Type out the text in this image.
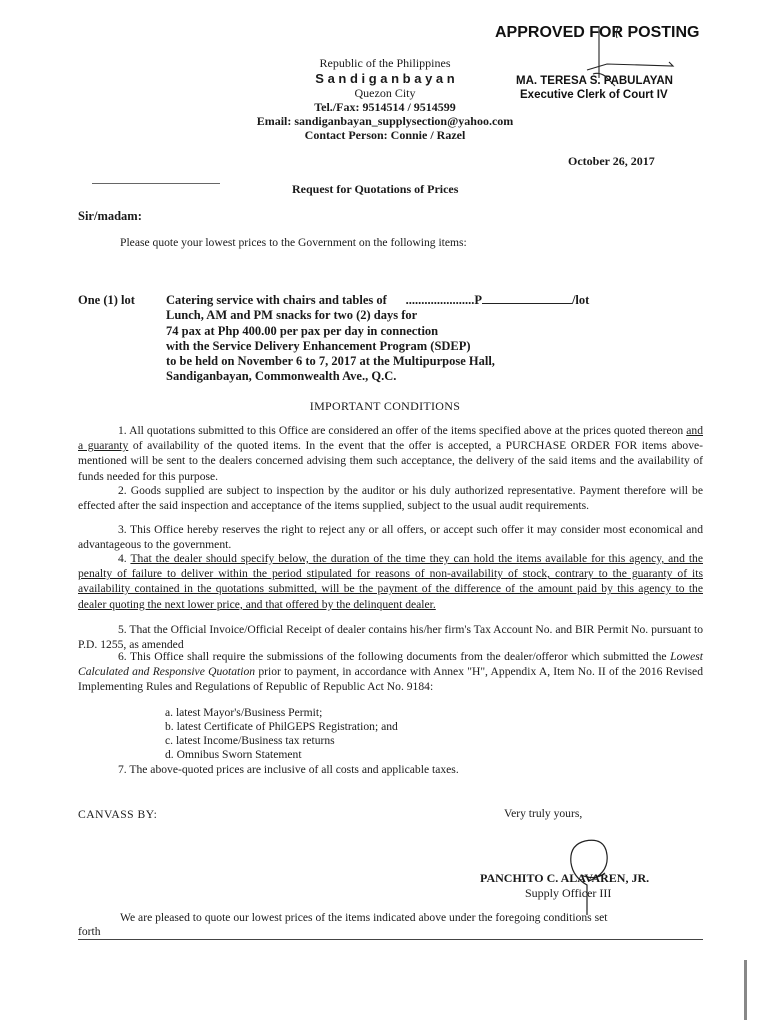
APPROVED FOR POSTING
MA. TERESA S. PABULAYAN
Executive Clerk of Court IV
Republic of the Philippines
S a n d i g a n b a y a n
Quezon City
Tel./Fax: 9514514 / 9514599
Email: sandiganbayan_supplysection@yahoo.com
Contact Person: Connie / Razel
October 26, 2017
Request for Quotations of Prices
Sir/madam:
Please quote your lowest prices to the Government on the following items:
One (1) lot Catering service with chairs and tables of ......................P	/lot
Lunch, AM and PM snacks for two (2) days for
74 pax at Php 400.00 per pax per day in connection
with the Service Delivery Enhancement Program (SDEP)
to be held on November 6 to 7, 2017 at the Multipurpose Hall,
Sandiganbayan, Commonwealth Ave., Q.C.
IMPORTANT CONDITIONS
1. All quotations submitted to this Office are considered an offer of the items specified above at the prices quoted thereon and a guaranty of availability of the quoted items. In the event that the offer is accepted, a PURCHASE ORDER FOR items above-mentioned will be sent to the dealers concerned advising them such acceptance, the delivery of the said items and the availability of funds needed for this purpose.
2. Goods supplied are subject to inspection by the auditor or his duly authorized representative. Payment therefore will be effected after the said inspection and acceptance of the items supplied, subject to the usual audit requirements.
3. This Office hereby reserves the right to reject any or all offers, or accept such offer it may consider most economical and advantageous to the government.
4. That the dealer should specify below, the duration of the time they can hold the items available for this agency, and the penalty of failure to deliver within the period stipulated for reasons of non-availability of stock, contrary to the guaranty of its availability contained in the quotations submitted, will be the payment of the difference of the amount paid by this agency to the dealer quoting the next lower price, and that offered by the delinquent dealer.
5. That the Official Invoice/Official Receipt of dealer contains his/her firm's Tax Account No. and BIR Permit No. pursuant to P.D. 1255, as amended
6. This Office shall require the submissions of the following documents from the dealer/offeror which submitted the Lowest Calculated and Responsive Quotation prior to payment, in accordance with Annex "H", Appendix A, Item No. II of the 2016 Revised Implementing Rules and Regulations of Republic of Republic Act No. 9184:
a. latest Mayor's/Business Permit;
b. latest Certificate of PhilGEPS Registration; and
c. latest Income/Business tax returns
d. Omnibus Sworn Statement
7. The above-quoted prices are inclusive of all costs and applicable taxes.
CANVASS BY:	Very truly yours,
PANCHITO C. ALAVAREN, JR.
Supply Officer III
We are pleased to quote our lowest prices of the items indicated above under the foregoing conditions set
forth
